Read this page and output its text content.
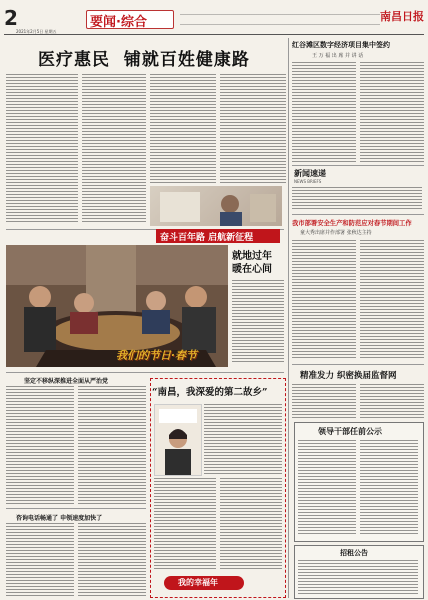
2	要闻·综合
2021年2月5日 星期五
南昌日报
医疗惠民  铺就百姓健康路
奋斗百年路 启航新征程
我们的节日·春节
就地过年
暖在心间
红谷滩区数字经济项目集中签约
王 万 福 出 席 并 讲 话
新闻速递
NEWS BRIEFS
我市部署安全生产和防范应对春节期间工作
童大秀出席并作部署 张秋达主持
精准发力 织密换届监督网
领导干部任前公示
招租公告
坚定不移纵深推进全面从严治党
咨询电话畅通了 申领速度加快了
“南昌，我深爱的第二故乡”
我的幸福年
